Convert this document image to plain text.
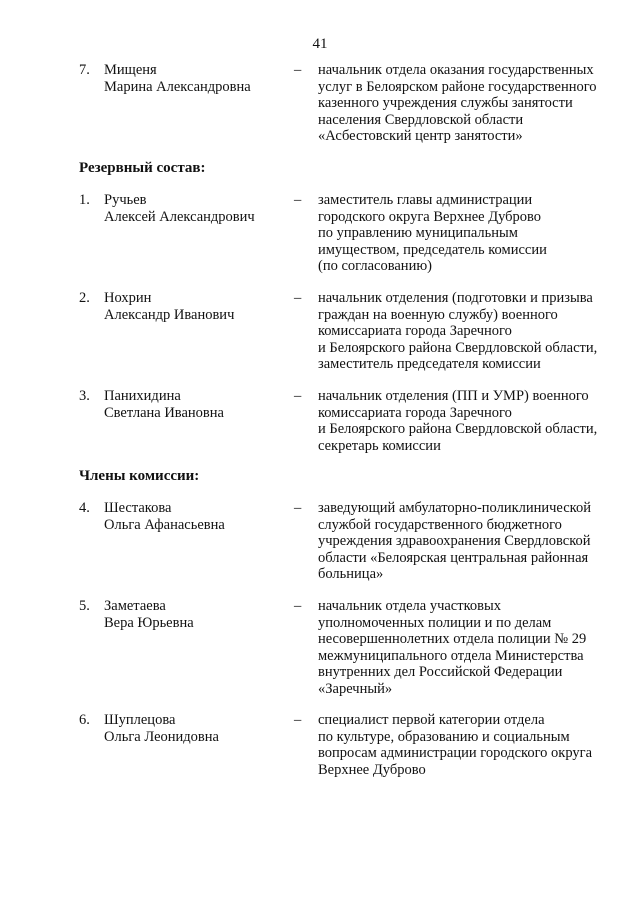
41
7. Мищеня
Марина Александровна
– начальник отдела оказания государственных
услуг в Белоярском районе государственного
казенного учреждения службы занятости
населения Свердловской области
«Асбестовский центр занятости»
Резервный состав:
1. Ручьев
Алексей Александрович
– заместитель главы администрации
городского округа Верхнее Дуброво
по управлению муниципальным
имуществом, председатель комиссии
(по согласованию)
2. Нохрин
Александр Иванович
– начальник отделения (подготовки и призыва
граждан на военную службу) военного
комиссариата города Заречного
и Белоярского района Свердловской области,
заместитель председателя комиссии
3. Панихидина
Светлана Ивановна
– начальник отделения (ПП и УМР) военного
комиссариата города Заречного
и Белоярского района Свердловской области,
секретарь комиссии
Члены комиссии:
4. Шестакова
Ольга Афанасьевна
– заведующий амбулаторно-поликлинической
службой государственного бюджетного
учреждения здравоохранения Свердловской
области «Белоярская центральная районная
больница»
5. Заметаева
Вера Юрьевна
– начальник отдела участковых
уполномоченных полиции и по делам
несовершеннолетних отдела полиции № 29
межмуниципального отдела Министерства
внутренних дел Российской Федерации
«Заречный»
6. Шуплецова
Ольга Леонидовна
– специалист первой категории отдела
по культуре, образованию и социальным
вопросам администрации городского округа
Верхнее Дуброво
